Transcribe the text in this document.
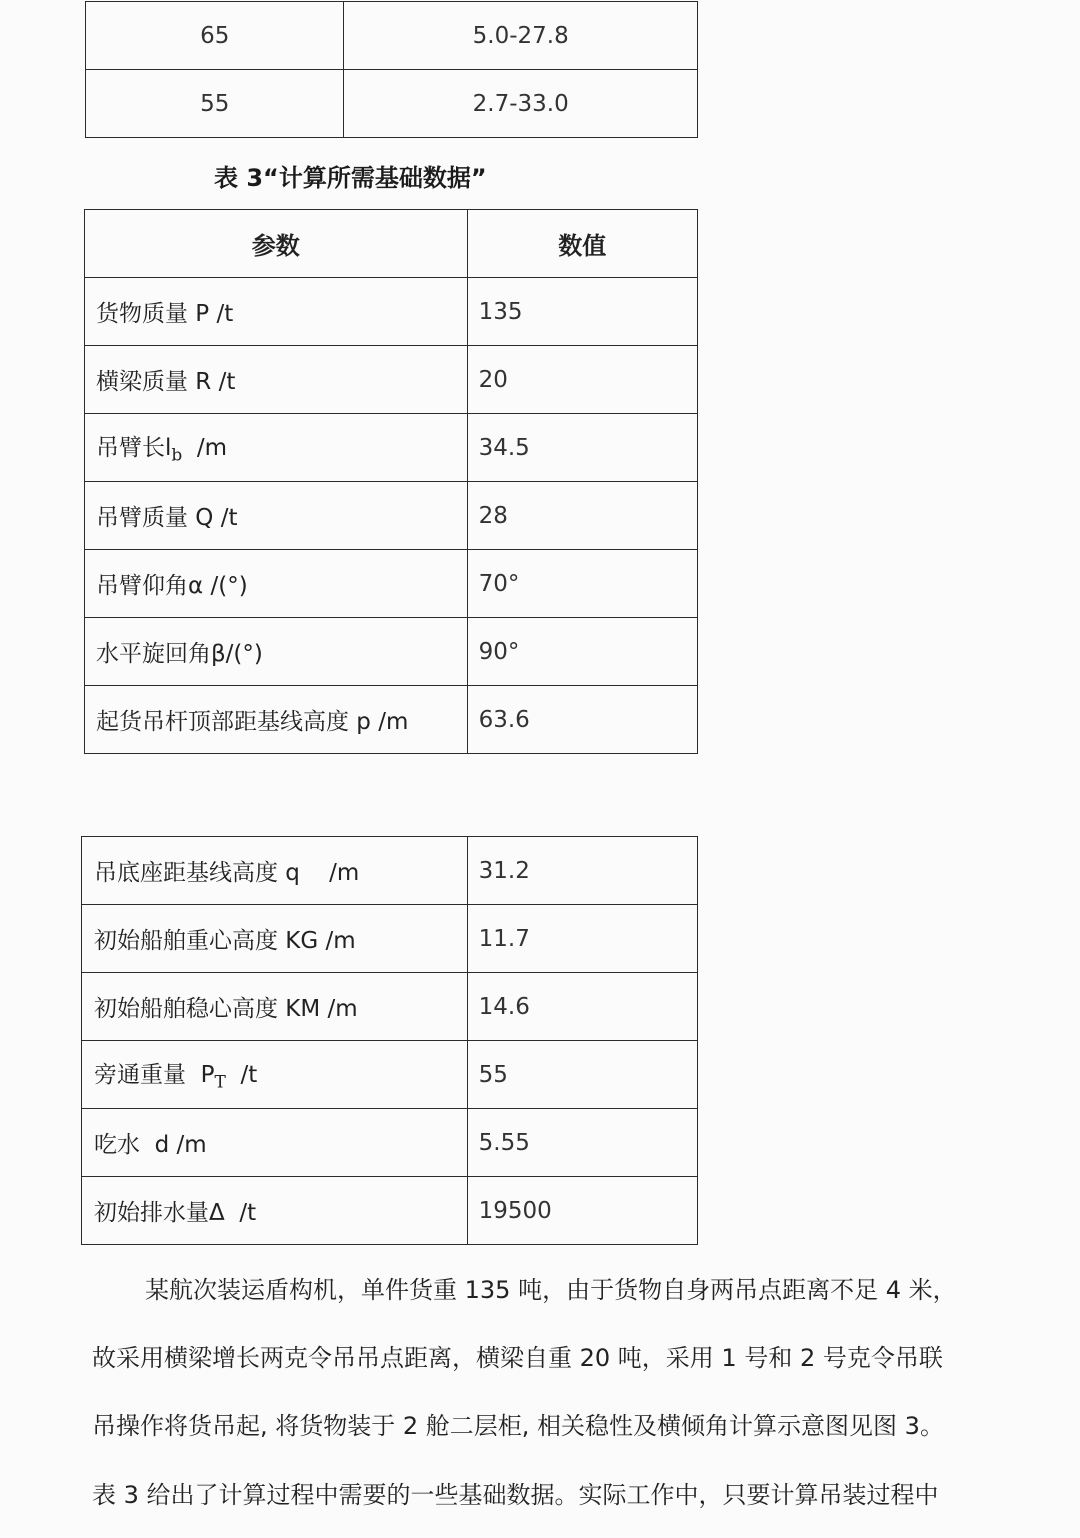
65	5.0-27.8
55	2.7-33.0
表 3“计算所需基础数据”
参数	数值
货物质量 P /t	135
横梁质量 R /t	20
吊臂长$l_b$  /m	34.5
吊臂质量 Q /t	28
吊臂仰角α /(°)	70°
水平旋回角β/(°)	90°
起货吊杆顶部距基线高度 p /m	63.6
吊底座距基线高度 q    /m	31.2
初始船舶重心高度 KG /m	11.7
初始船舶稳心高度 KM /m	14.6
旁通重量  $P_T$  /t	55
吃水  d /m	5.55
初始排水量Δ  /t	19500
某航次装运盾构机，单件货重 135 吨，由于货物自身两吊点距离不足 4 米，
故采用横梁增长两克令吊吊点距离，横梁自重 20 吨，采用 1 号和 2 号克令吊联
吊操作将货吊起, 将货物装于 2 舱二层柜, 相关稳性及横倾角计算示意图见图 3。
表 3 给出了计算过程中需要的一些基础数据。实际工作中，只要计算吊装过程中
